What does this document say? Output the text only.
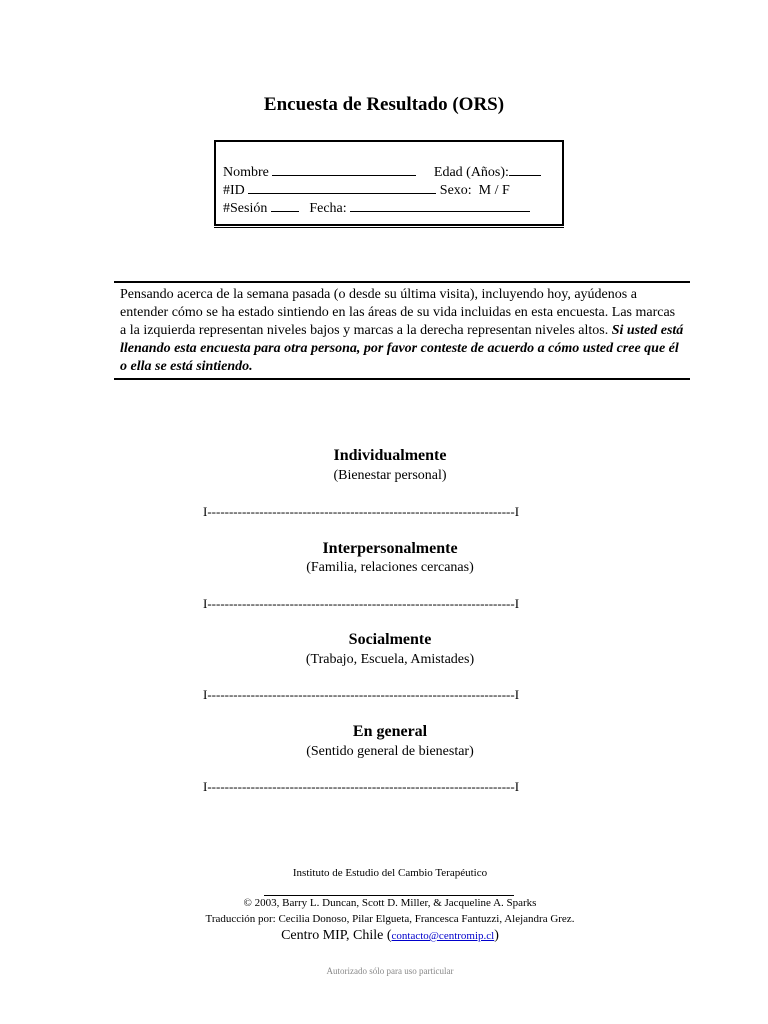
Encuesta de Resultado (ORS)
Nombre	Edad (Años):
#ID	Sexo:  M / F
#Sesión	Fecha:
Pensando acerca de la semana pasada (o desde su última visita), incluyendo hoy, ayúdenos a entender cómo se ha estado sintiendo en las áreas de su vida incluidas en esta encuesta. Las marcas a la izquierda representan niveles bajos y marcas a la derecha representan niveles altos. Si usted está llenando esta encuesta para otra persona, por favor conteste de acuerdo a cómo usted cree que él o ella se está sintiendo.
Individualmente
(Bienestar personal)
I-----------------------------------------------------------------------I
Interpersonalmente
(Familia, relaciones cercanas)
I-----------------------------------------------------------------------I
Socialmente
(Trabajo, Escuela, Amistades)
I-----------------------------------------------------------------------I
En general
(Sentido general de bienestar)
I-----------------------------------------------------------------------I
Instituto de Estudio del Cambio Terapéutico
© 2003, Barry L. Duncan, Scott D. Miller, & Jacqueline A. Sparks
Traducción por: Cecilia Donoso, Pilar Elgueta, Francesca Fantuzzi, Alejandra Grez.
Centro MIP, Chile (contacto@centromip.cl)
Autorizado sólo para uso particular
